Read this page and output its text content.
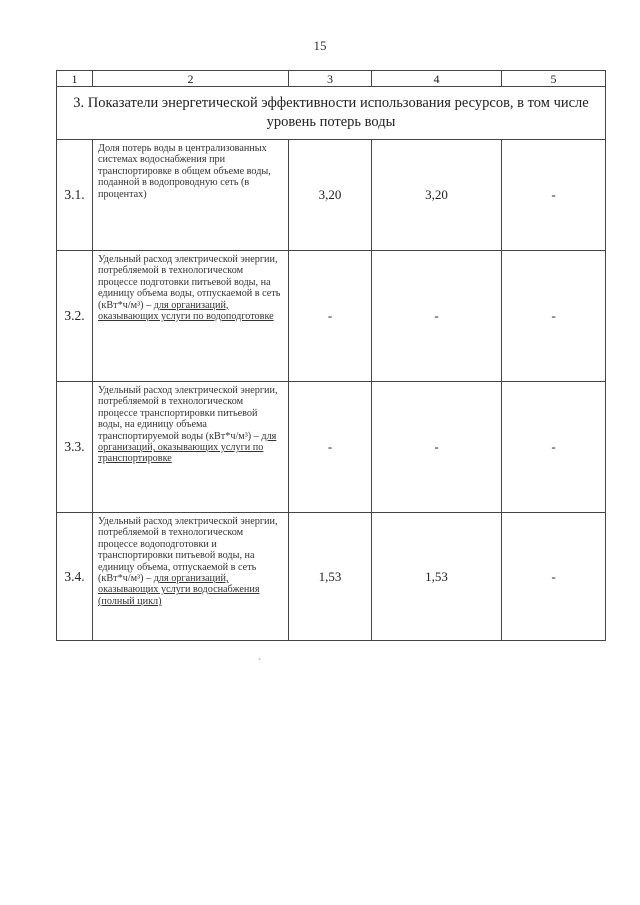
15
1	2	3	4	5
3. Показатели энергетической эффективности использования ресурсов, в том числе уровень потерь воды				
3.1.	Доля потерь воды в централизованных системах водоснабжения при транспортировке в общем объеме воды, поданной в водопроводную сеть (в процентах)	3,20	3,20	-
3.2.	Удельный расход электрической энергии, потребляемой в технологическом процессе подготовки питьевой воды, на единицу объема воды, отпускаемой в сеть (кВт*ч/м³) – для организаций, оказывающих услуги по водоподготовке	-	-	-
3.3.	Удельный расход электрической энергии, потребляемой в технологическом процессе транспортировки питьевой воды, на единицу объема транспортируемой воды (кВт*ч/м³) – для организаций, оказывающих услуги по транспортировке	-	-	-
3.4.	Удельный расход электрической энергии, потребляемой в технологическом процессе водоподготовки и транспортировки питьевой воды, на единицу объема, отпускаемой в сеть (кВт*ч/м³) – для организаций, оказывающих услуги водоснабжения (полный цикл)	1,53	1,53	-
`
